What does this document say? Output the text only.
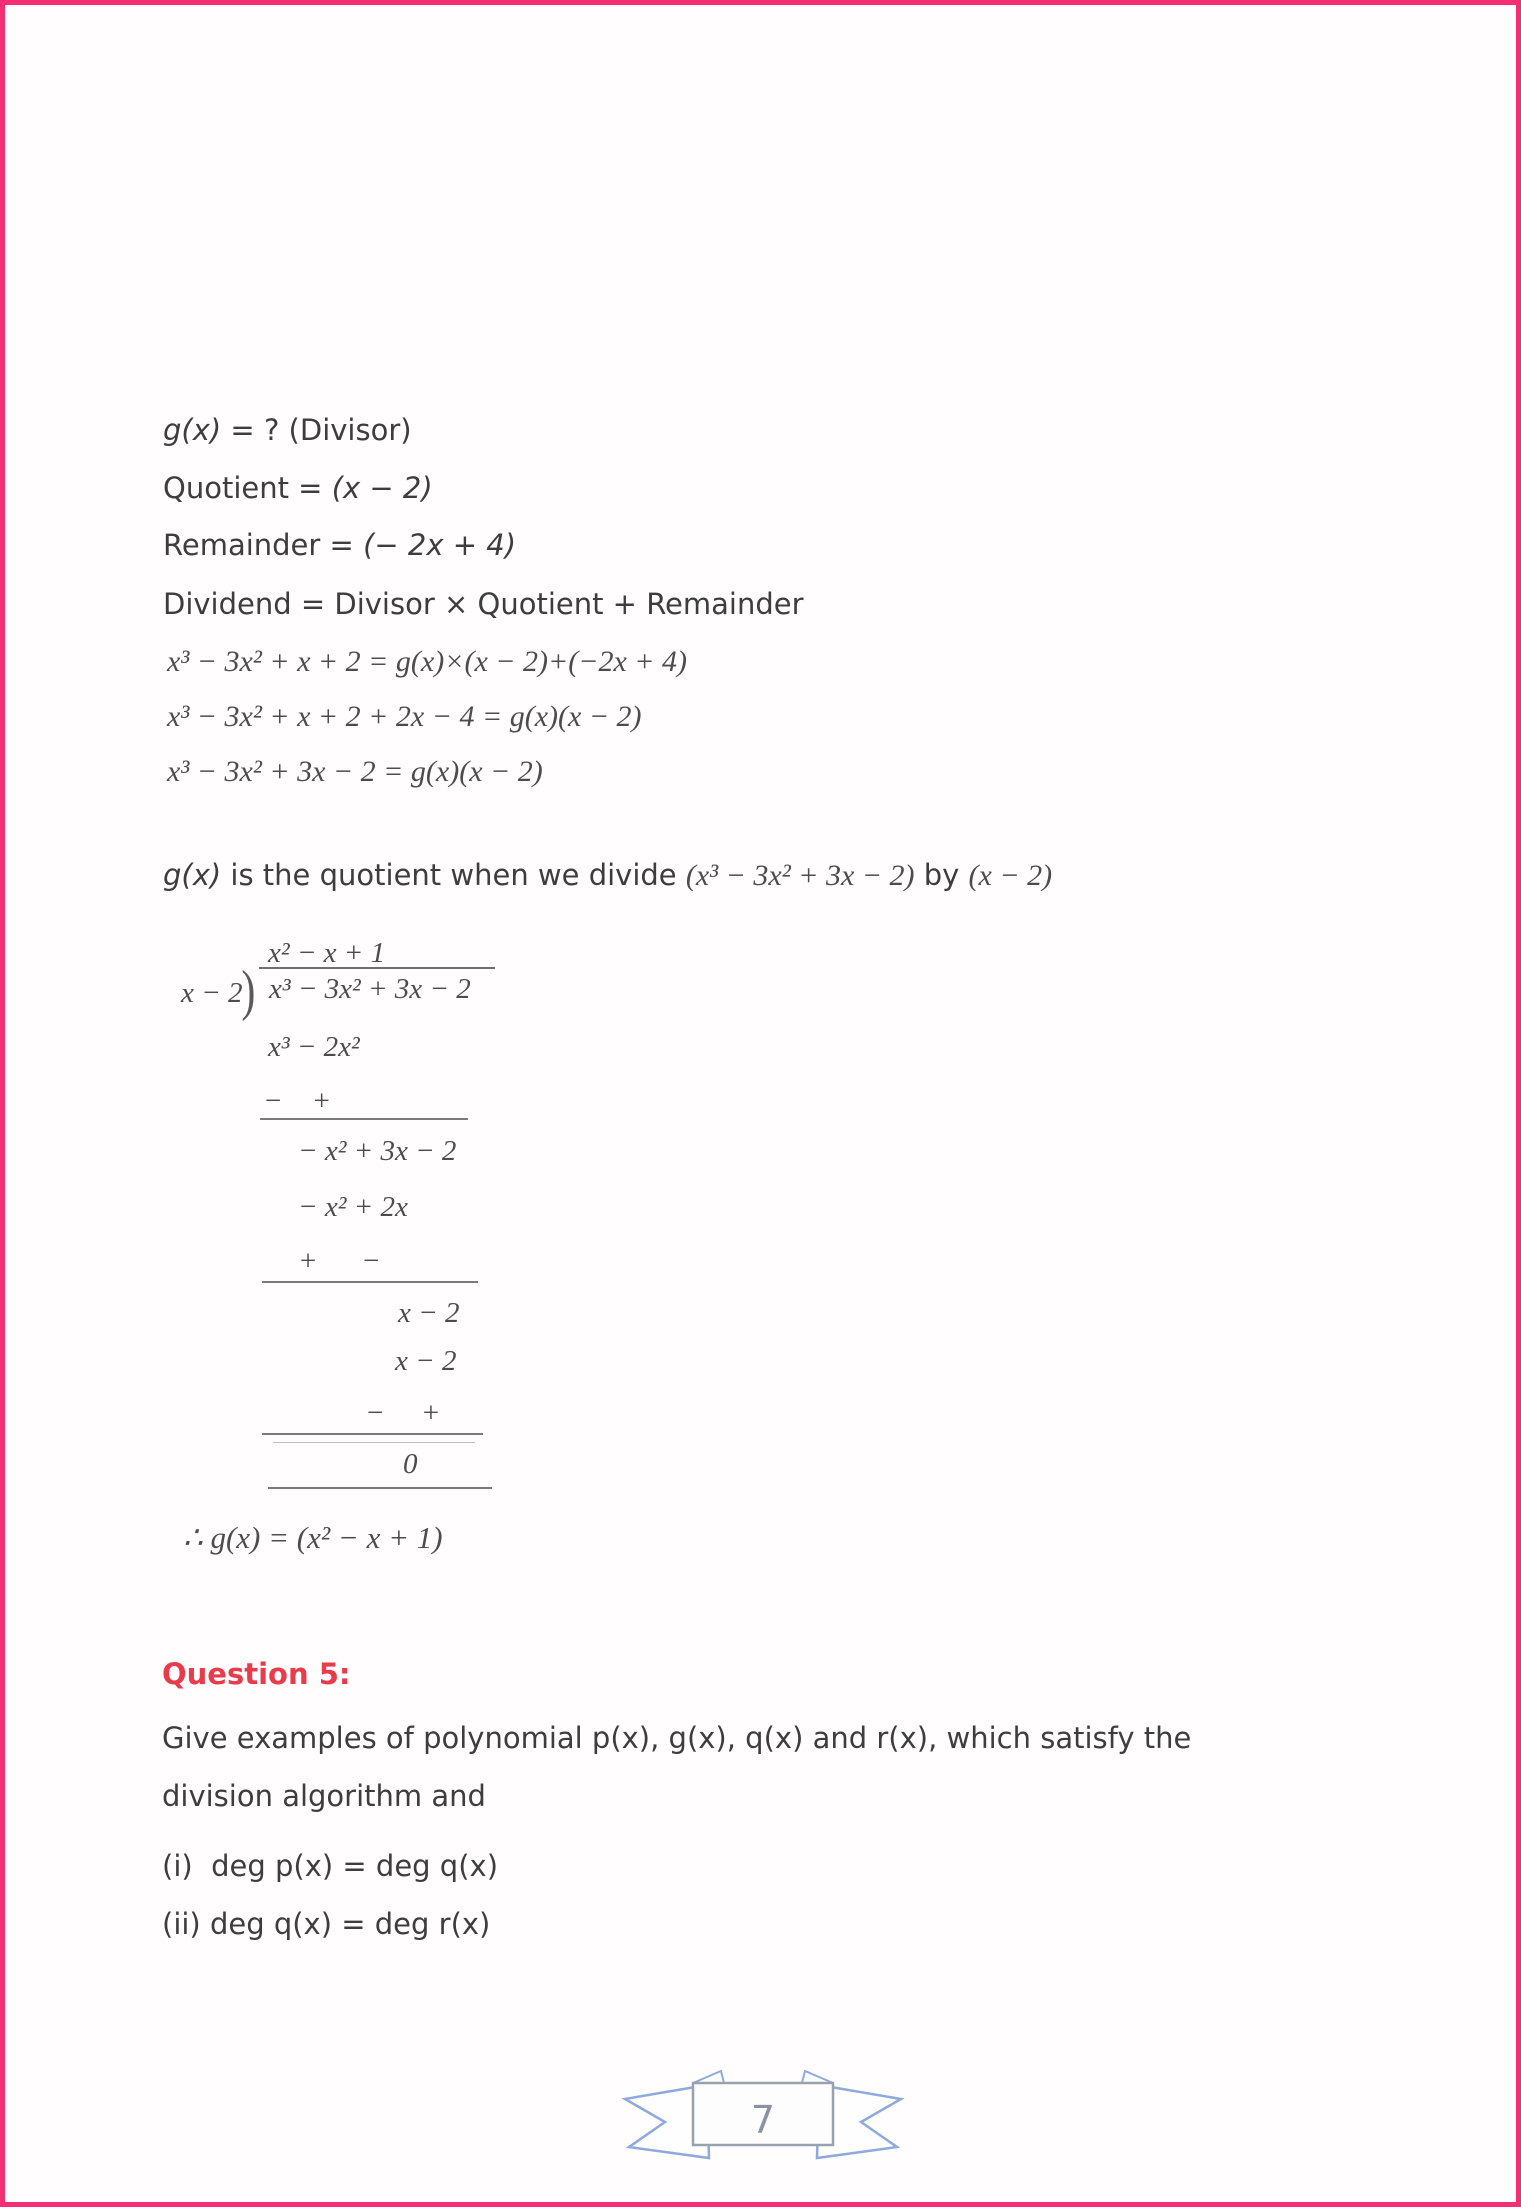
g(x) = ? (Divisor)
Quotient = (x − 2)
Remainder = (− 2x + 4)
Dividend = Divisor × Quotient + Remainder
x³ − 3x² + x + 2 = g(x)×(x − 2)+(−2x + 4)
x³ − 3x² + x + 2 + 2x − 4 = g(x)(x − 2)
x³ − 3x² + 3x − 2 = g(x)(x − 2)
g(x) is the quotient when we divide (x³ − 3x² + 3x − 2) by (x − 2)
x² − x + 1
x − 2
) x³ − 3x² + 3x − 2
x³ − 2x²
−    +
− x² + 3x − 2
− x² + 2x
+      −
x − 2
x − 2
−     +
0
∴ g(x) = (x² − x + 1)
Question 5:
Give examples of polynomial p(x), g(x), q(x) and r(x), which satisfy the
division algorithm and
(i)  deg p(x) = deg q(x)
(ii) deg q(x) = deg r(x)
7
